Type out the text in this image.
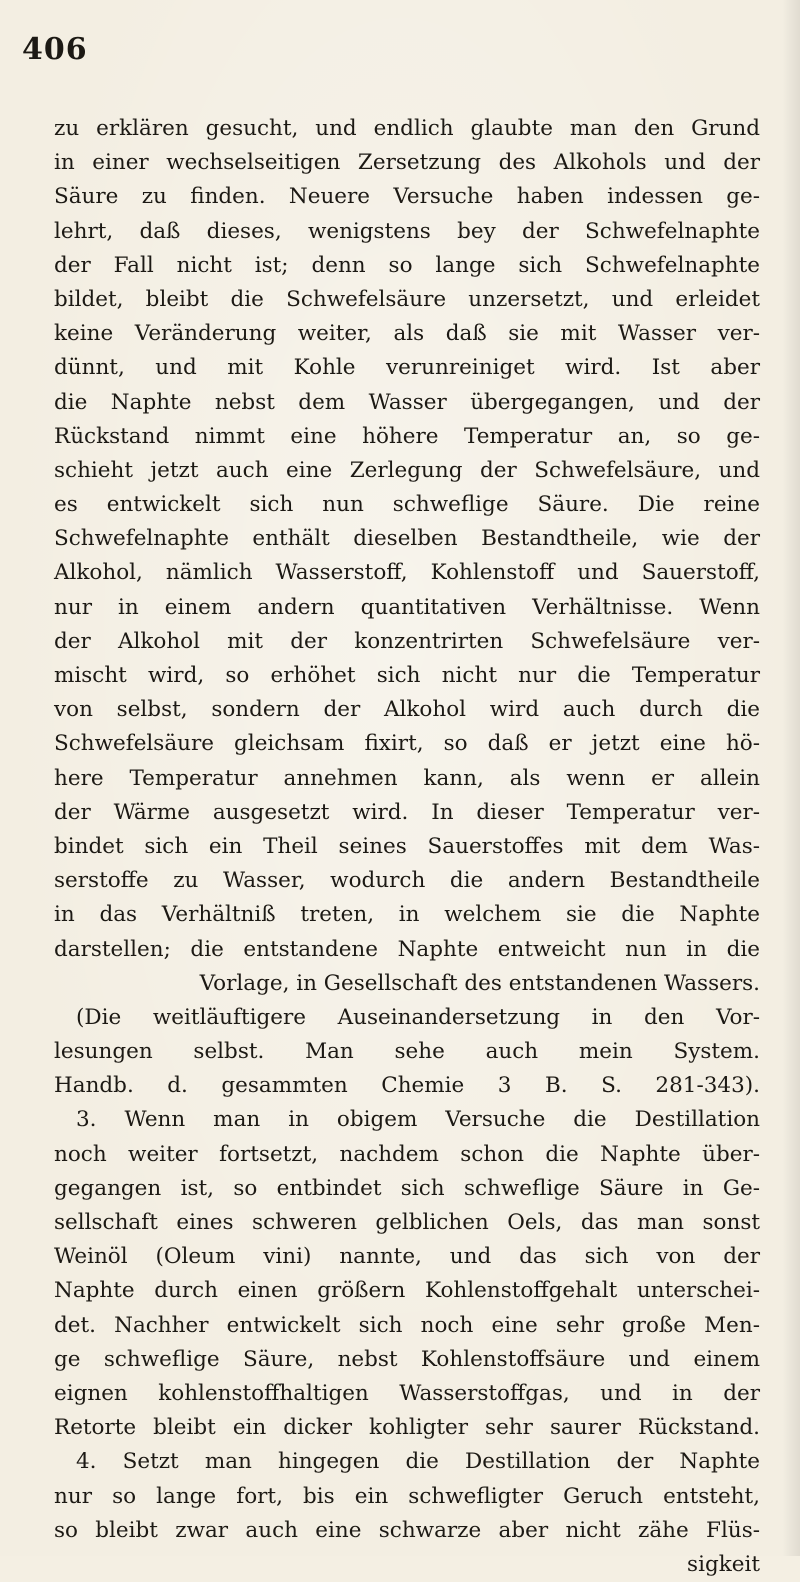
406
zu erklären gesucht, und endlich glaubte man den Grund
in einer wechselseitigen Zersetzung des Alkohols und der
Säure zu finden. Neuere Versuche haben indessen ge-
lehrt, daß dieses, wenigstens bey der Schwefelnaphte
der Fall nicht ist; denn so lange sich Schwefelnaphte
bildet, bleibt die Schwefelsäure unzersetzt, und erleidet
keine Veränderung weiter, als daß sie mit Wasser ver-
dünnt, und mit Kohle verunreiniget wird. Ist aber
die Naphte nebst dem Wasser übergegangen, und der
Rückstand nimmt eine höhere Temperatur an, so ge-
schieht jetzt auch eine Zerlegung der Schwefelsäure, und
es entwickelt sich nun schweflige Säure. Die reine
Schwefelnaphte enthält dieselben Bestandtheile, wie der
Alkohol, nämlich Wasserstoff, Kohlenstoff und Sauerstoff,
nur in einem andern quantitativen Verhältnisse. Wenn
der Alkohol mit der konzentrirten Schwefelsäure ver-
mischt wird, so erhöhet sich nicht nur die Temperatur
von selbst, sondern der Alkohol wird auch durch die
Schwefelsäure gleichsam fixirt, so daß er jetzt eine hö-
here Temperatur annehmen kann, als wenn er allein
der Wärme ausgesetzt wird. In dieser Temperatur ver-
bindet sich ein Theil seines Sauerstoffes mit dem Was-
serstoffe zu Wasser, wodurch die andern Bestandtheile
in das Verhältniß treten, in welchem sie die Naphte
darstellen; die entstandene Naphte entweicht nun in die
Vorlage, in Gesellschaft des entstandenen Wassers.
(Die weitläuftigere Auseinandersetzung in den Vor-
lesungen selbst. Man sehe auch mein System.
Handb. d. gesammten Chemie 3 B. S. 281-343).
3. Wenn man in obigem Versuche die Destillation
noch weiter fortsetzt, nachdem schon die Naphte über-
gegangen ist, so entbindet sich schweflige Säure in Ge-
sellschaft eines schweren gelblichen Oels, das man sonst
Weinöl (Oleum vini) nannte, und das sich von der
Naphte durch einen größern Kohlenstoffgehalt unterschei-
det. Nachher entwickelt sich noch eine sehr große Men-
ge schweflige Säure, nebst Kohlenstoffsäure und einem
eignen kohlenstoffhaltigen Wasserstoffgas, und in der
Retorte bleibt ein dicker kohligter sehr saurer Rückstand.
4. Setzt man hingegen die Destillation der Naphte
nur so lange fort, bis ein schwefligter Geruch entsteht,
so bleibt zwar auch eine schwarze aber nicht zähe Flüs-
sigkeit
